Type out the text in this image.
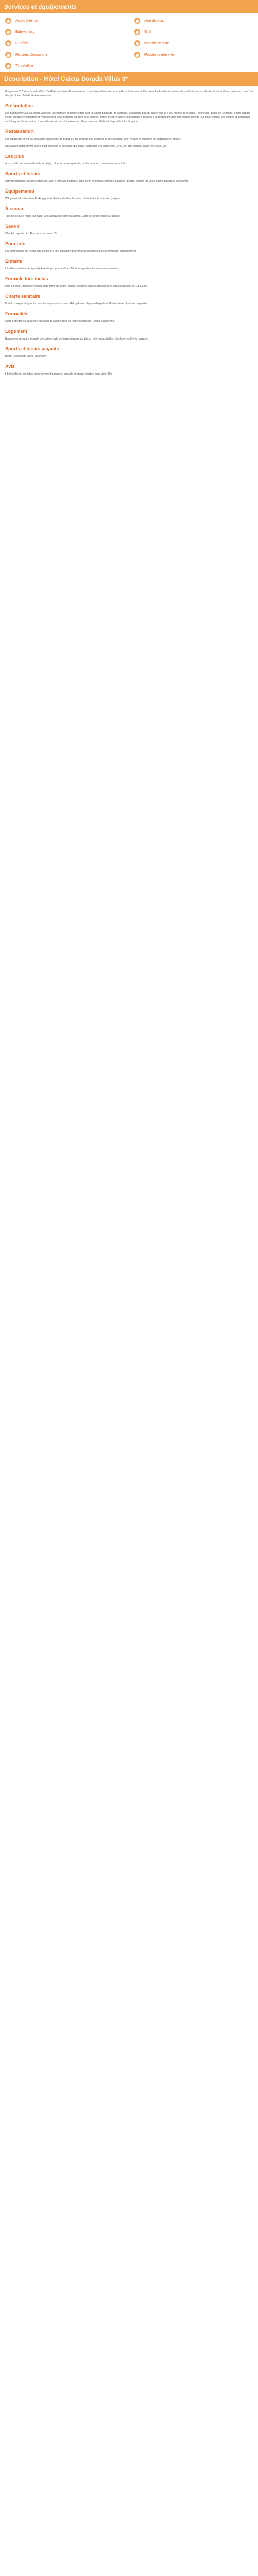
Services et équipements
◉	Accès Internet	◉	Aire de jeux
◉	Baby-sitting	◉	Golf
◉	Lit bébé	◉	Mobilité réduite
◉	Piscines découverte	◉	Proche centre ville
◉	Tv satellite
Description - Hôtel Caleta Dorada Villas 3*

Bungalows 3* Caleta Dorada Vilas. Ce Hôtel est situé à Fuerteventura. Il est situé à 5 min du centre-ville, à 5 minutes de Corralejo. Il offre des structures de qualité et une excellente situation. Venez séjourner dans l'un des plus beaux hôtels de Fuerteventura.

Présentation

Les Bungalows Caleta Dorada Villas est un charmant complexe situé dans la station balnéaire de Corralejo, à quelques pas du centre-ville et à 300 mètres de la plage. Proche des dunes de Corralejo, le parc naturel est un véritable enchantement. Vous pourrez vous détendre au bord de la piscine, profiter de la terrasse et des jardins. Il dispose d'un restaurant, d'un bar et d'une aire de jeux pour enfants. Les studios et bungalows sont équipés d'une cuisine, d'une salle de bains et d'une terrasse. Une connexion Wi-Fi est disponible à la réception.

Restauration

Les repas sont servis au restaurant sous forme de buffet. Le bar propose des boissons et des cocktails. Une formule All inclusive est disponible en option.

Restaurant buffet ouvert pour le petit-déjeuner, le déjeuner et le dîner. Snack bar à la piscine de 10h à 18h. Bar principal ouvert de 10h à 23h.

Les plus

À proximité du centre-ville et de la plage, calme et cadre agréable, jardins tropicaux, animations en soirée.

Sports et loisirs

Activités gratuites : piscine extérieure, bain à remous, pétanque, ping-pong, fléchettes. Activités payantes : billard, location de vélos, sports nautiques à proximité.

Équipements

Wifi gratuit à la réception. Parking gratuit. Service de blanchisserie. Coffre-fort à la réception (payant).

À savoir

Taxe de séjour à régler sur place. Les animaux ne sont pas admis. Carte de crédit requise à l'arrivée.

Savoir

Check-in à partir de 14h, check-out avant 12h.

Pour info

Les informations sur l'hôtel sont données à titre indicatif et peuvent être modifiées sans préavis par l'établissement.

Enfants

Lit bébé sur demande (gratuit). Aire de jeux pour enfants. Mini-club pendant les vacances scolaires.

Formule tout inclus

Petit-déjeuner, déjeuner et dîner sous forme de buffet, snacks, boissons locales alcoolisées et non alcoolisées de 10h à 23h.

Charte sanitaire

Port du masque obligatoire dans les espaces communs. Gel hydroalcoolique à disposition. Distanciation physique respectée.

Formalités

Carte d'identité ou passeport en cours de validité pour les ressortissants de l'Union européenne.

Logement

Bungalows et studios équipés de cuisine, salle de bains, terrasse ou balcon, télévision satellite, téléphone, coffre-fort payant.

Sports et loisirs payants

Billard, location de vélos, excursions.

Avis

L'hôtel offre un agréable environnement, personnel aimable et bonne situation pour visiter l'île.
